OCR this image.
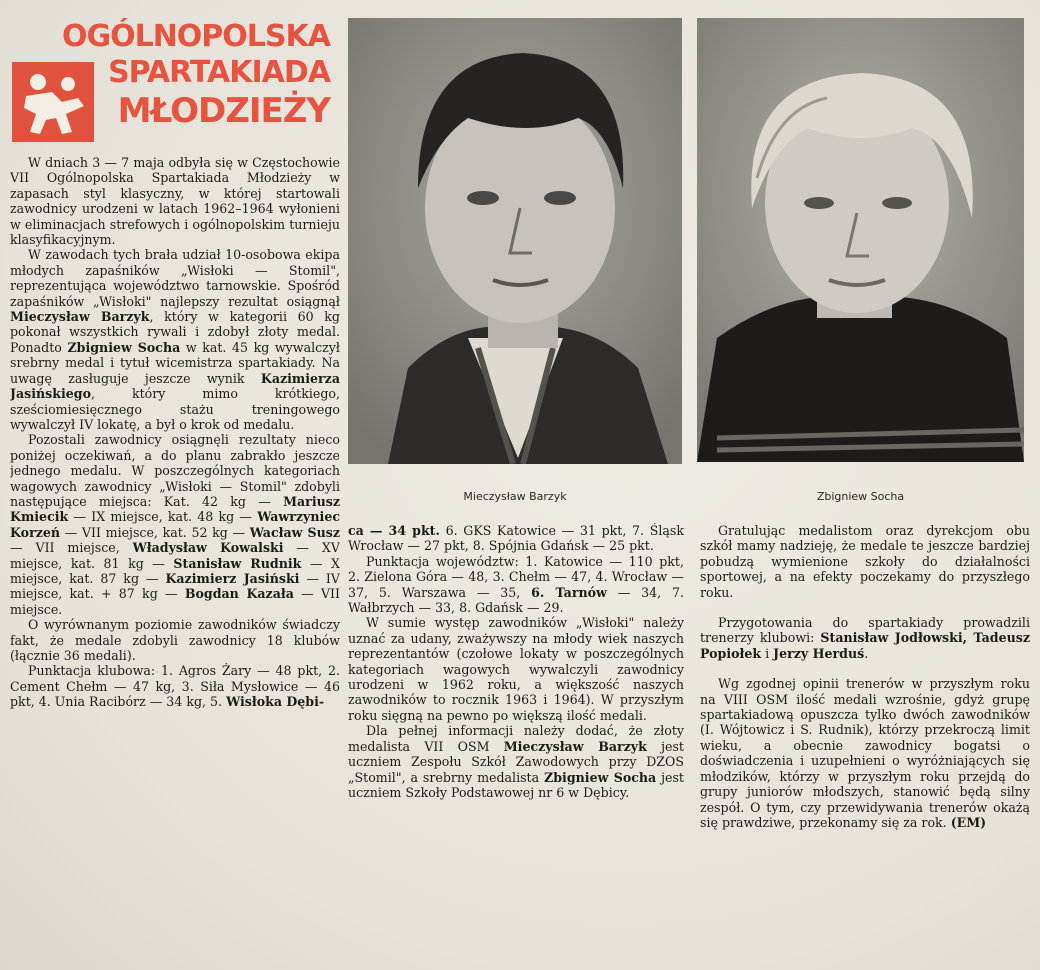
OGÓLNOPOLSKA
SPARTAKIADA
MŁODZIEŻY

W dniach 3 — 7 maja odbyła się w Częstochowie VII Ogólnopolska Spartakiada Młodzieży w zapasach styl klasyczny, w której startowali zawodnicy urodzeni w latach 1962–1964 wyłonieni w eliminacjach strefowych i ogólnopolskim turnieju klasyfikacyjnym.

W zawodach tych brała udział 10-osobowa ekipa młodych zapaśników „Wisłoki — Stomil", reprezentująca województwo tarnowskie. Spośród zapaśników „Wisłoki" najlepszy rezultat osiągnął Mieczysław Barzyk, który w kategorii 60 kg pokonał wszystkich rywali i zdobył złoty medal. Ponadto Zbigniew Socha w kat. 45 kg wywalczył srebrny medal i tytuł wicemistrza spartakiady. Na uwagę zasługuje jeszcze wynik Kazimierza Jasińskiego, który mimo krótkiego, sześciomiesięcznego stażu treningowego wywalczył IV lokatę, a był o krok od medalu.

Pozostali zawodnicy osiągnęli rezultaty nieco poniżej oczekiwań, a do planu zabrakło jeszcze jednego medalu. W poszczególnych kategoriach wagowych zawodnicy „Wisłoki — Stomil" zdobyli następujące miejsca: Kat. 42 kg — Mariusz Kmiecik — IX miejsce, kat. 48 kg — Wawrzyniec Korzeń — VII miejsce, kat. 52 kg — Wacław Susz — VII miejsce, Władysław Kowalski — XV miejsce, kat. 81 kg — Stanisław Rudnik — X miejsce, kat. 87 kg — Kazimierz Jasiński — IV miejsce, kat. + 87 kg — Bogdan Kazała — VII miejsce.

O wyrównanym poziomie zawodników świadczy fakt, że medale zdobyli zawodnicy 18 klubów (łącznie 36 medali).

Punktacja klubowa: 1. Agros Żary — 48 pkt, 2. Cement Chełm — 47 kg, 3. Siła Mysłowice — 46 pkt, 4. Unia Racibórz — 34 kg, 5. Wisłoka Dębi-

Mieczysław Barzyk	Zbigniew Socha

ca — 34 pkt. 6. GKS Katowice — 31 pkt, 7. Śląsk Wrocław — 27 pkt, 8. Spójnia Gdańsk — 25 pkt.

Punktacja województw: 1. Katowice — 110 pkt, 2. Zielona Góra — 48, 3. Chełm — 47, 4. Wrocław — 37, 5. Warszawa — 35, 6. Tarnów — 34, 7. Wałbrzych — 33, 8. Gdańsk — 29.

W sumie występ zawodników „Wisłoki" należy uznać za udany, zważywszy na młody wiek naszych reprezentantów (czołowe lokaty w poszczególnych kategoriach wagowych wywalczyli zawodnicy urodzeni w 1962 roku, a większość naszych zawodników to rocznik 1963 i 1964). W przyszłym roku sięgną na pewno po większą ilość medali.

Dla pełnej informacji należy dodać, że złoty medalista VII OSM Mieczysław Barzyk jest uczniem Zespołu Szkół Zawodowych przy DZOS „Stomil", a srebrny medalista Zbigniew Socha jest uczniem Szkoły Podstawowej nr 6 w Dębicy.

Gratulując medalistom oraz dyrekcjom obu szkół mamy nadzieję, że medale te jeszcze bardziej pobudzą wymienione szkoły do działalności sportowej, a na efekty poczekamy do przyszłego roku.

Przygotowania do spartakiady prowadzili trenerzy klubowi: Stanisław Jodłowski, Tadeusz Popiołek i Jerzy Herduś.

Wg zgodnej opinii trenerów w przyszłym roku na VIII OSM ilość medali wzrośnie, gdyż grupę spartakiadową opuszcza tylko dwóch zawodników (I. Wójtowicz i S. Rudnik), którzy przekroczą limit wieku, a obecnie zawodnicy bogatsi o doświadczenia i uzupełnieni o wyróżniających się młodzików, którzy w przyszłym roku przejdą do grupy juniorów młodszych, stanowić będą silny zespół. O tym, czy przewidywania trenerów okażą się prawdziwe, przekonamy się za rok. (EM)
